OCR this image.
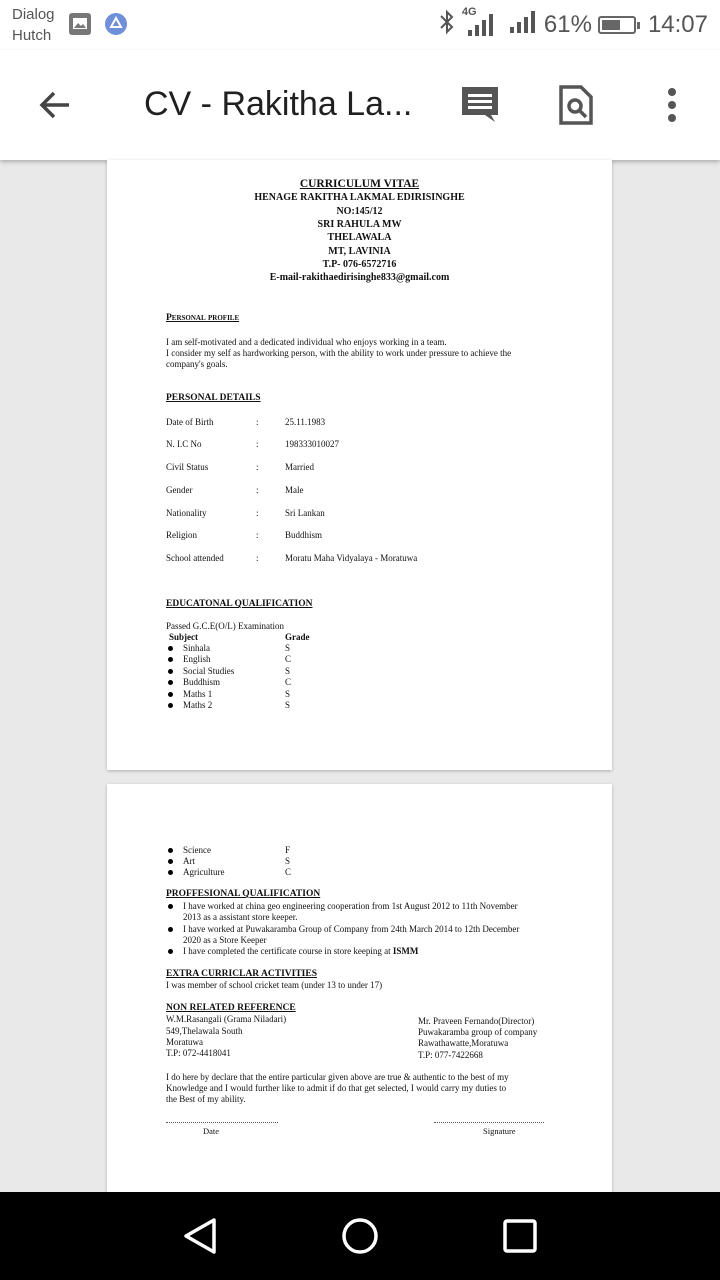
Dialog
Hutch
4G	61% 14:07
CV - Rakitha La...
CURRICULUM VITAE
HENAGE RAKITHA LAKMAL EDIRISINGHE
NO:145/12
SRI RAHULA MW
THELAWALA
MT, LAVINIA
T.P- 076-6572716
E-mail-rakithaedirisinghe833@gmail.com
Personal profile
I am self-motivated and a dedicated individual who enjoys working in a team.
I consider my self as hardworking person, with the ability to work under pressure to achieve the
company's goals.
PERSONAL DETAILS
Date of Birth	:	25.11.1983
N. I.C No	:	198333010027
Civil Status	:	Married
Gender	:	Male
Nationality	:	Sri Lankan
Religion	:	Buddhism
School attended	:	Moratu Maha Vidyalaya - Moratuwa
EDUCATONAL QUALIFICATION
Passed G.C.E(O/L) Examination
Subject	Grade
Sinhala	S
English	C
Social Studies	S
Buddhism	C
Maths 1	S
Maths 2	S
Science	F
Art	S
Agriculture	C
PROFFESIONAL QUALIFICATION
I have worked at china geo engineering cooperation from 1st August 2012 to 11th November
2013 as a assistant store keeper.
I have worked at Puwakaramba Group of Company from 24th March 2014 to 12th December
2020 as a Store Keeper
I have completed the certificate course in store keeping at ISMM
EXTRA CURRICLAR ACTIVITIES
I was member of school cricket team (under 13 to under 17)
NON RELATED REFERENCE
W.M.Rasangali (Grama Niladari)
549,Thelawala South
Moratuwa
T.P: 072-4418041
Mr. Praveen Fernando(Director)
Puwakaramba group of company
Rawathawatte,Moratuwa
T.P: 077-7422668
I do here by declare that the entire particular given above are true & authentic to the best of my
Knowledge and I would further like to admit if do that get selected, I would carry my duties to
the Best of my ability.
Date	Signature
